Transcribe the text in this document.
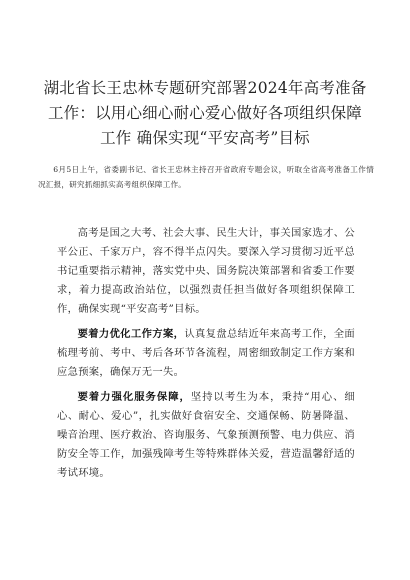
湖北省长王忠林专题研究部署2024年高考准备工作：以用心细心耐心爱心做好各项组织保障工作 确保实现“平安高考”目标

6月5日上午，省委副书记、省长王忠林主持召开省政府专题会议，听取全省高考准备工作情况汇报，研究抓细抓实高考组织保障工作。

高考是国之大考、社会大事、民生大计，事关国家选才、公平公正、千家万户，容不得半点闪失。要深入学习贯彻习近平总书记重要指示精神，落实党中央、国务院决策部署和省委工作要求，着力提高政治站位，以强烈责任担当做好各项组织保障工作，确保实现“平安高考”目标。

要着力优化工作方案，认真复盘总结近年来高考工作，全面梳理考前、考中、考后各环节各流程，周密细致制定工作方案和应急预案，确保万无一失。

要着力强化服务保障，坚持以考生为本，秉持“用心、细心、耐心、爱心”，扎实做好食宿安全、交通保畅、防暑降温、噪音治理、医疗救治、咨询服务、气象预测预警、电力供应、消防安全等工作，加强残障考生等特殊群体关爱，营造温馨舒适的考试环境。
